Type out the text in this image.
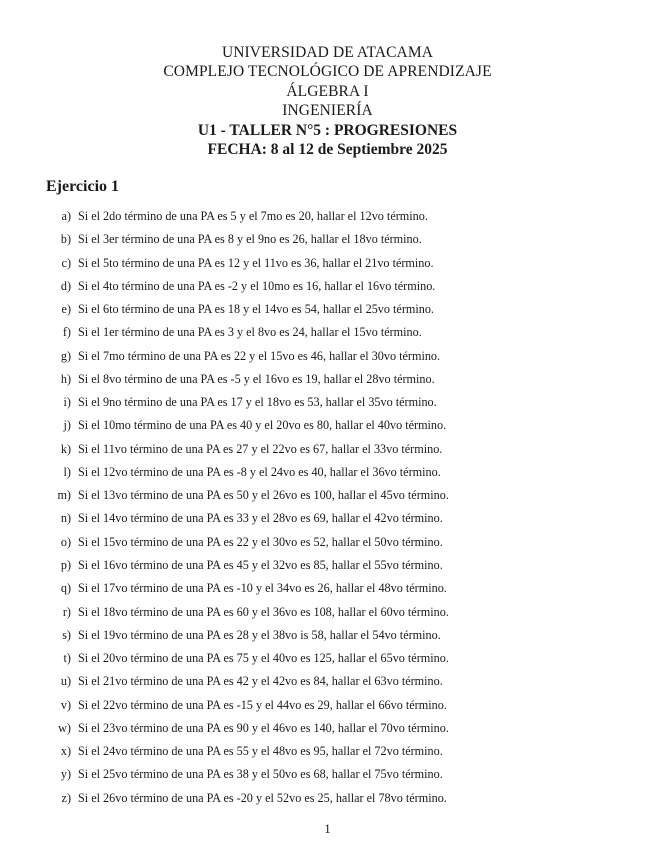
UNIVERSIDAD DE ATACAMA
COMPLEJO TECNOLÓGICO DE APRENDIZAJE
ÁLGEBRA I
INGENIERÍA
U1 - TALLER N°5 : PROGRESIONES
FECHA: 8 al 12 de Septiembre 2025
Ejercicio 1
a) Si el 2do término de una PA es 5 y el 7mo es 20, hallar el 12vo término.
b) Si el 3er término de una PA es 8 y el 9no es 26, hallar el 18vo término.
c) Si el 5to término de una PA es 12 y el 11vo es 36, hallar el 21vo término.
d) Si el 4to término de una PA es -2 y el 10mo es 16, hallar el 16vo término.
e) Si el 6to término de una PA es 18 y el 14vo es 54, hallar el 25vo término.
f) Si el 1er término de una PA es 3 y el 8vo es 24, hallar el 15vo término.
g) Si el 7mo término de una PA es 22 y el 15vo es 46, hallar el 30vo término.
h) Si el 8vo término de una PA es -5 y el 16vo es 19, hallar el 28vo término.
i) Si el 9no término de una PA es 17 y el 18vo es 53, hallar el 35vo término.
j) Si el 10mo término de una PA es 40 y el 20vo es 80, hallar el 40vo término.
k) Si el 11vo término de una PA es 27 y el 22vo es 67, hallar el 33vo término.
l) Si el 12vo término de una PA es -8 y el 24vo es 40, hallar el 36vo término.
m) Si el 13vo término de una PA es 50 y el 26vo es 100, hallar el 45vo término.
n) Si el 14vo término de una PA es 33 y el 28vo es 69, hallar el 42vo término.
o) Si el 15vo término de una PA es 22 y el 30vo es 52, hallar el 50vo término.
p) Si el 16vo término de una PA es 45 y el 32vo es 85, hallar el 55vo término.
q) Si el 17vo término de una PA es -10 y el 34vo es 26, hallar el 48vo término.
r) Si el 18vo término de una PA es 60 y el 36vo es 108, hallar el 60vo término.
s) Si el 19vo término de una PA es 28 y el 38vo is 58, hallar el 54vo término.
t) Si el 20vo término de una PA es 75 y el 40vo es 125, hallar el 65vo término.
u) Si el 21vo término de una PA es 42 y el 42vo es 84, hallar el 63vo término.
v) Si el 22vo término de una PA es -15 y el 44vo es 29, hallar el 66vo término.
w) Si el 23vo término de una PA es 90 y el 46vo es 140, hallar el 70vo término.
x) Si el 24vo término de una PA es 55 y el 48vo es 95, hallar el 72vo término.
y) Si el 25vo término de una PA es 38 y el 50vo es 68, hallar el 75vo término.
z) Si el 26vo término de una PA es -20 y el 52vo es 25, hallar el 78vo término.
1
